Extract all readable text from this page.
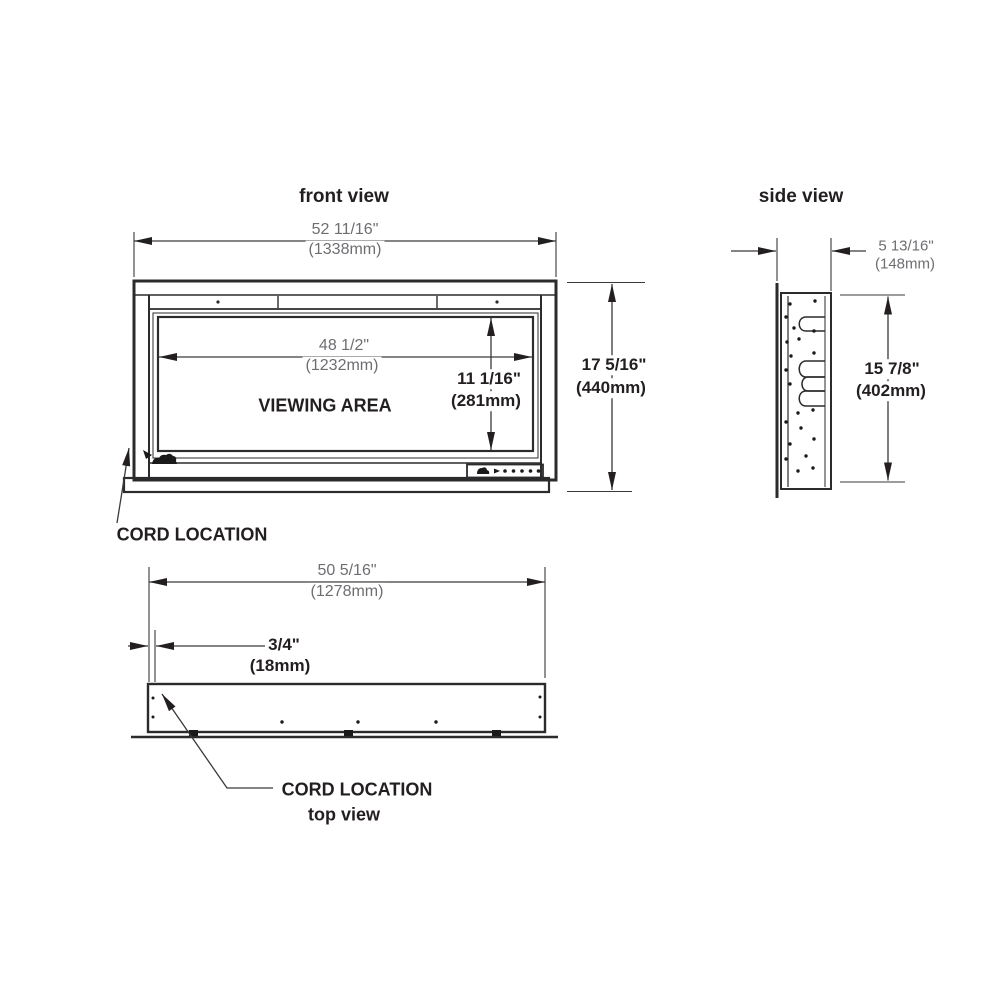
front view	side view
52 11/16"
(1338mm)
48 1/2"
(1232mm)
VIEWING AREA
11 1/16"
(281mm)
17 5/16"
(440mm)
5 13/16"
(148mm)
15 7/8"
(402mm)
CORD LOCATION
50 5/16"
(1278mm)
3/4"
(18mm)
CORD LOCATION
top view
